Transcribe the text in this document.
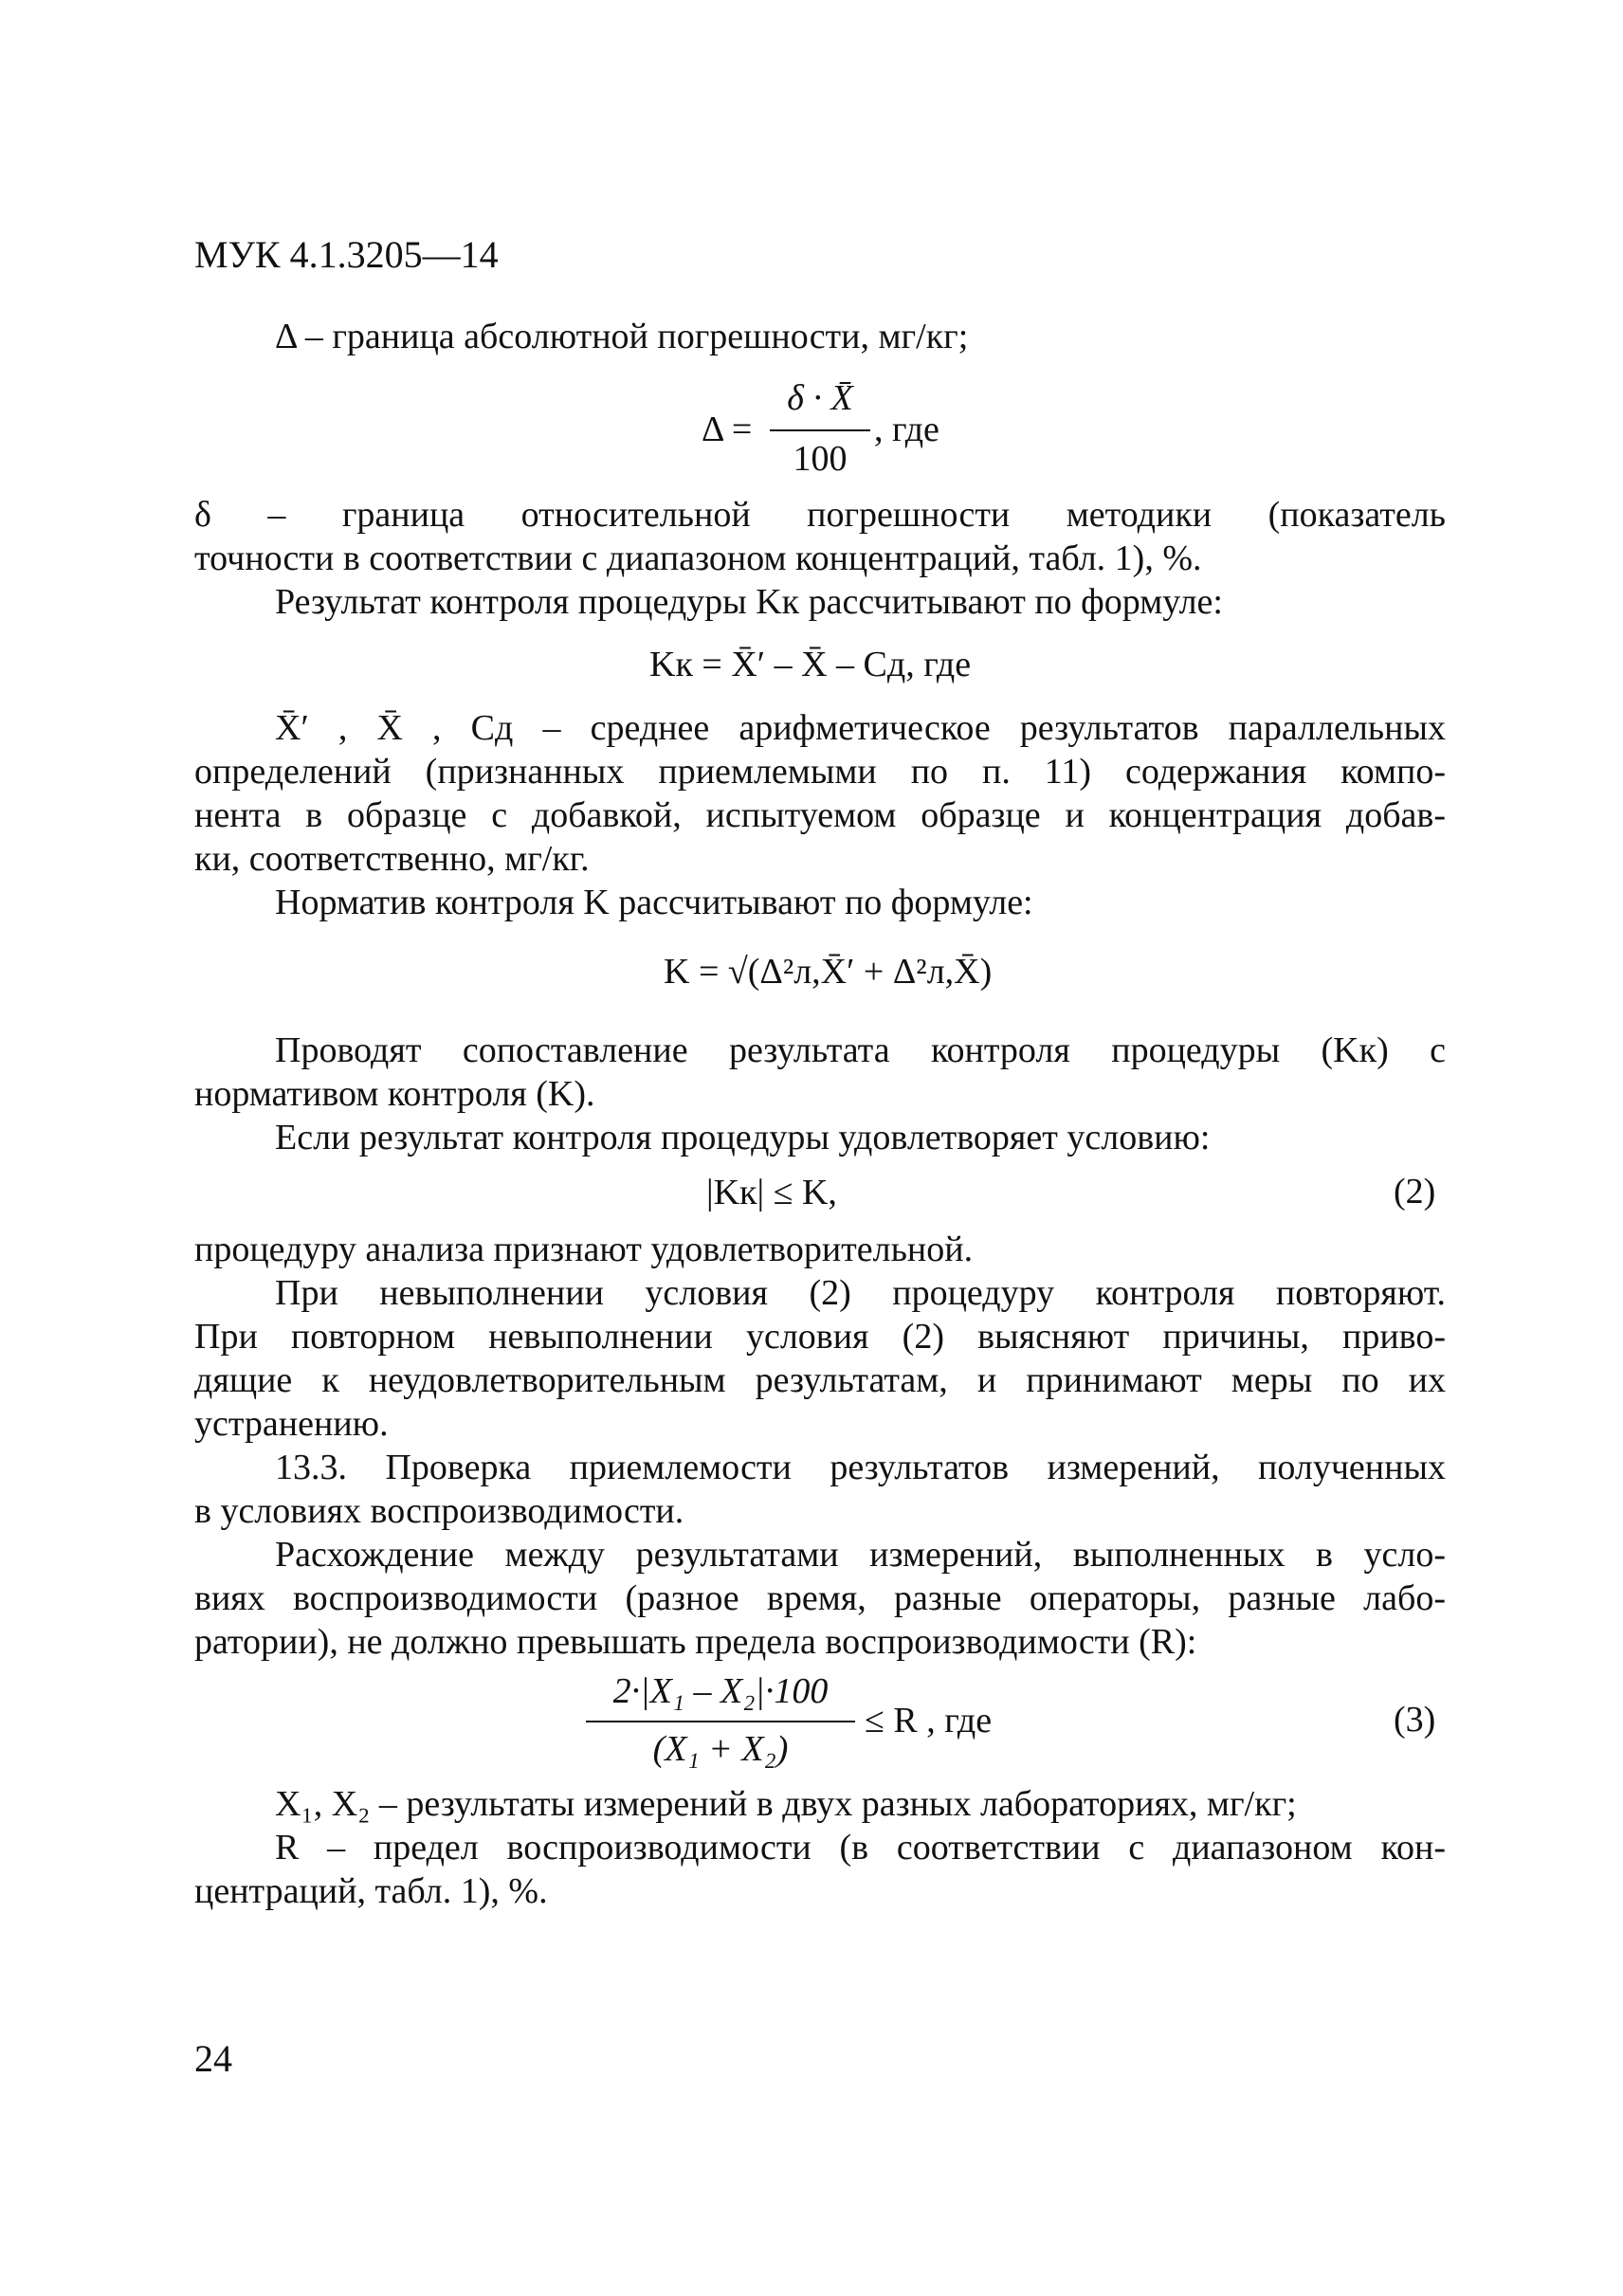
МУК 4.1.3205—14
Δ – граница абсолютной погрешности, мг/кг;
Δ =
δ · X̄
100
, где
δ – граница относительной погрешности методики (показатель
точности в соответствии с диапазоном концентраций, табл. 1), %.
Результат контроля процедуры Kк рассчитывают по формуле:
Kк = X̄′ – X̄ – Cд, где
X̄′ , X̄ , Cд – среднее арифметическое результатов параллельных
определений (признанных приемлемыми по п. 11) содержания компо-
нента в образце с добавкой, испытуемом образце и концентрация добав-
ки, соответственно, мг/кг.
Норматив контроля K рассчитывают по формуле:
K = √(Δ²л,X̄′ + Δ²л,X̄)
Проводят сопоставление результата контроля процедуры (Kк) с
нормативом контроля (K).
Если результат контроля процедуры удовлетворяет условию:
|Kк| ≤ K,	(2)
процедуру анализа признают удовлетворительной.
При невыполнении условия (2) процедуру контроля повторяют.
При повторном невыполнении условия (2) выясняют причины, приво-
дящие к неудовлетворительным результатам, и принимают меры по их
устранению.
13.3. Проверка приемлемости результатов измерений, полученных
в условиях воспроизводимости.
Расхождение между результатами измерений, выполненных в усло-
виях воспроизводимости (разное время, разные операторы, разные лабо-
ратории), не должно превышать предела воспроизводимости (R):
2·|X₁ – X₂|·100
(X₁ + X₂)
≤ R , где	(3)
X₁, X₂ – результаты измерений в двух разных лабораториях, мг/кг;
R – предел воспроизводимости (в соответствии с диапазоном кон-
центраций, табл. 1), %.
24
